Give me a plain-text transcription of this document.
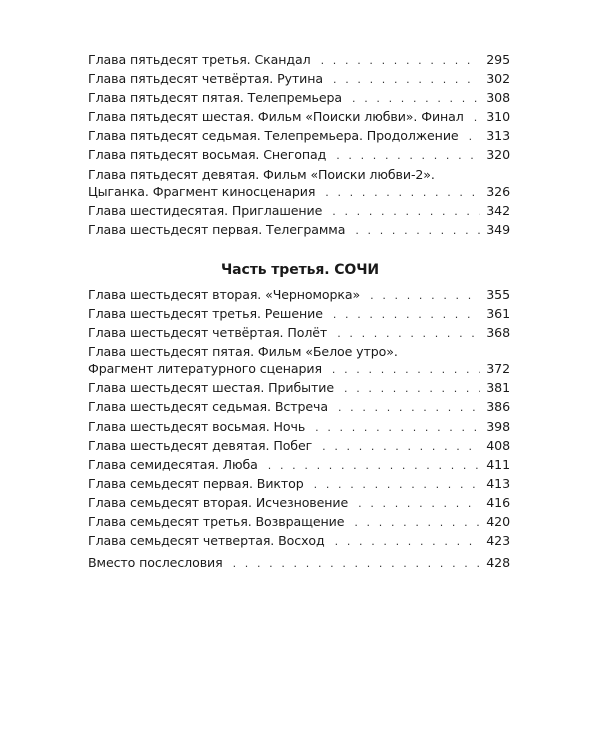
Глава пятьдесят третья. Скандал . . .	295
Глава пятьдесят четвёртая. Рутина . . .	302
Глава пятьдесят пятая. Телепремьера . . .	308
Глава пятьдесят шестая. Фильм «Поиски любви». Финал . . . 310
Глава пятьдесят седьмая. Телепремьера. Продолжение . . . 313
Глава пятьдесят восьмая. Снегопад . . .	320
Глава пятьдесят девятая. Фильм «Поиски любви-2».
Цыганка. Фрагмент киносценария . . .	326
Глава шестидесятая. Приглашение . . .	342
Глава шестьдесят первая. Телеграмма . . .	349
Часть третья. СОЧИ
Глава шестьдесят вторая. «Черноморка» . . .	355
Глава шестьдесят третья. Решение . . .	361
Глава шестьдесят четвёртая. Полёт . . .	368
Глава шестьдесят пятая. Фильм «Белое утро».
Фрагмент литературного сценария . . .	372
Глава шестьдесят шестая. Прибытие . . .	381
Глава шестьдесят седьмая. Встреча . . .	386
Глава шестьдесят восьмая. Ночь . . .	398
Глава шестьдесят девятая. Побег . . .	408
Глава семидесятая. Люба . . .	411
Глава семьдесят первая. Виктор . . .	413
Глава семьдесят вторая. Исчезновение . . .	416
Глава семьдесят третья. Возвращение . . .	420
Глава семьдесят четвертая. Восход . . .	423
Вместо послесловия . . .	428
